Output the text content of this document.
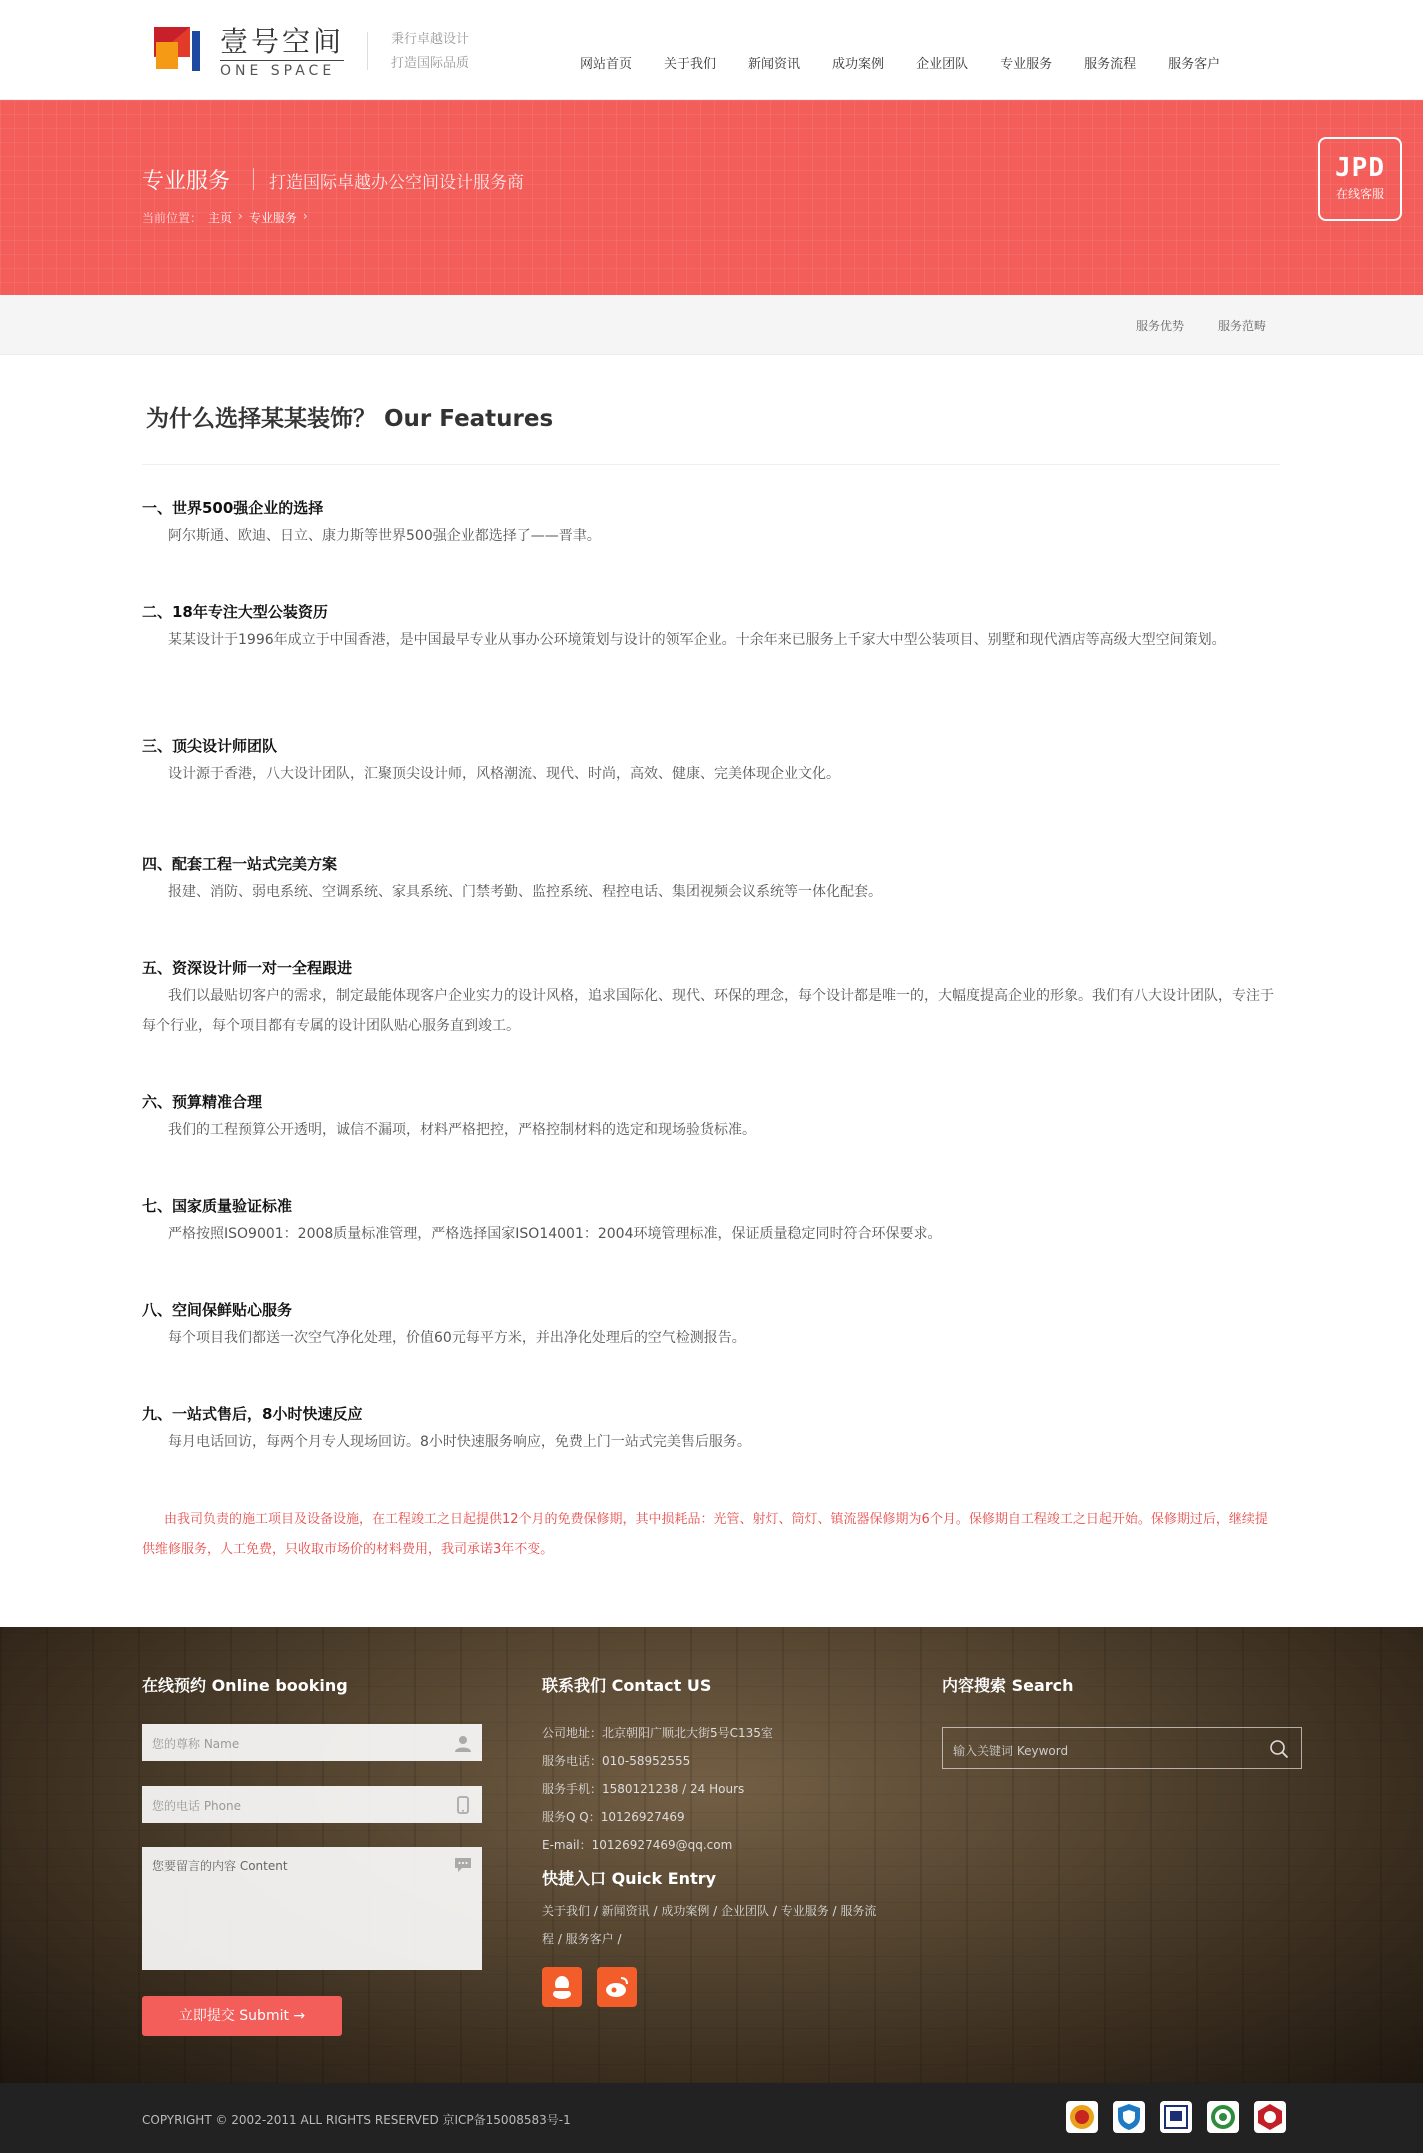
壹号空间
ONE SPACE
秉行卓越设计
打造国际品质	网站首页 关于我们 新闻资讯 成功案例 企业团队 专业服务 服务流程 服务客户
专业服务 打造国际卓越办公空间设计服务商
当前位置： 主页 › 专业服务 ›
JPD
在线客服
服务优势	服务范畴
为什么选择某某装饰？ Our Features
一、世界500强企业的选择

阿尔斯通、欧迪、日立、康力斯等世界500强企业都选择了——晋聿。

二、18年专注大型公装资历

某某设计于1996年成立于中国香港，是中国最早专业从事办公环境策划与设计的领军企业。十余年来已服务上千家大中型公装项目、别墅和现代酒店等高级大型空间策划。

三、顶尖设计师团队

设计源于香港，八大设计团队，汇聚顶尖设计师，风格潮流、现代、时尚，高效、健康、完美体现企业文化。

四、配套工程一站式完美方案

报建、消防、弱电系统、空调系统、家具系统、门禁考勤、监控系统、程控电话、集团视频会议系统等一体化配套。

五、资深设计师一对一全程跟进

我们以最贴切客户的需求，制定最能体现客户企业实力的设计风格，追求国际化、现代、环保的理念，每个设计都是唯一的，大幅度提高企业的形象。我们有八大设计团队，专注于每个行业，每个项目都有专属的设计团队贴心服务直到竣工。

六、预算精准合理

我们的工程预算公开透明，诚信不漏项，材料严格把控，严格控制材料的选定和现场验货标准。

七、国家质量验证标准

严格按照ISO9001：2008质量标准管理，严格选择国家ISO14001：2004环境管理标准，保证质量稳定同时符合环保要求。

八、空间保鲜贴心服务

每个项目我们都送一次空气净化处理，价值60元每平方米，并出净化处理后的空气检测报告。

九、一站式售后，8小时快速反应

每月电话回访，每两个月专人现场回访。8小时快速服务响应，免费上门一站式完美售后服务。

由我司负责的施工项目及设备设施，在工程竣工之日起提供12个月的免费保修期，其中损耗品：光管、射灯、筒灯、镇流器保修期为6个月。保修期自工程竣工之日起开始。保修期过后，继续提供维修服务，人工免费，只收取市场价的材料费用，我司承诺3年不变。

在线预约 Online booking
您的尊称 Name
您的电话 Phone
您要留言的内容 Content
立即提交 Submit →
联系我们 Contact US
公司地址：北京朝阳广顺北大街5号C135室
服务电话：010-58952555
服务手机：1580121238 / 24 Hours
服务Q Q：10126927469
E-mail：10126927469@qq.com
快捷入口 Quick Entry
关于我们 / 新闻资讯 / 成功案例 / 企业团队 / 专业服务 / 服务流程 / 服务客户 /
内容搜索 Search
输入关键词 Keyword
COPYRIGHT © 2002-2011 ALL RIGHTS RESERVED 京ICP备15008583号-1
